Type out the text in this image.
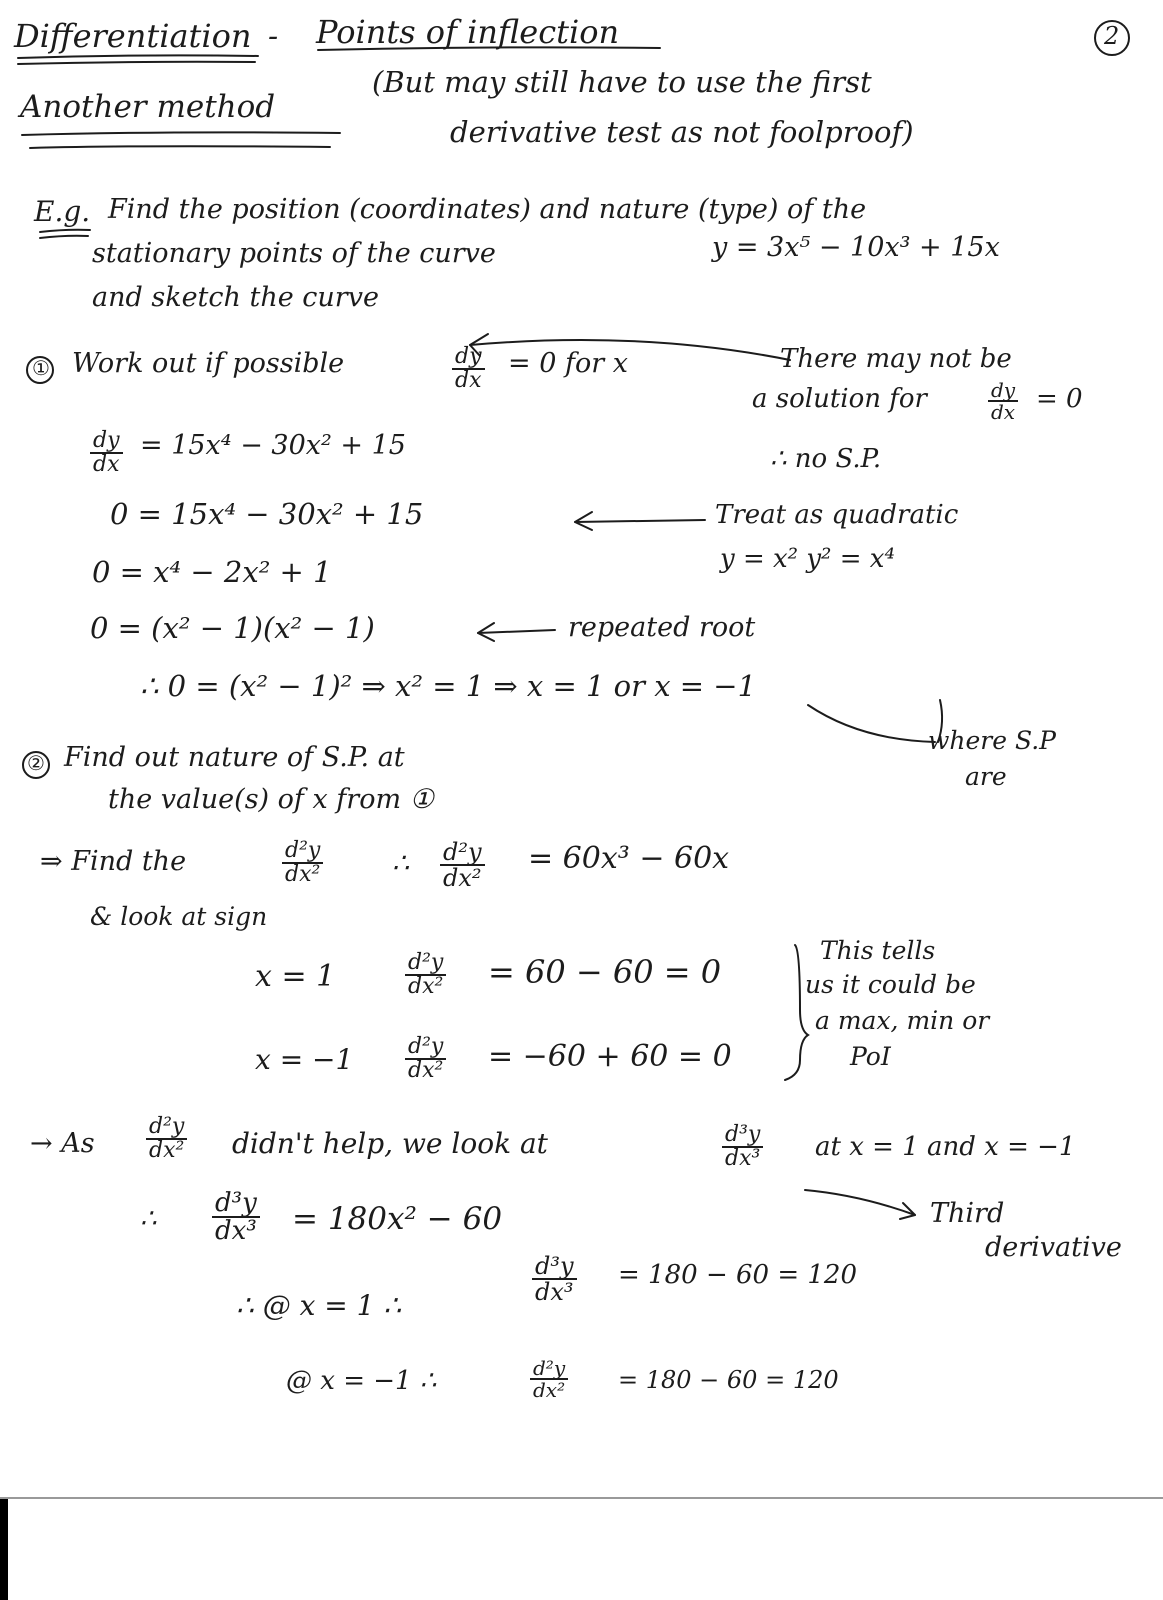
Differentiation - Points of inflection	2
Another method
(But may still have to use the first
derivative test as not foolproof)
E.g. Find the position (coordinates) and nature (type) of the
stationary points of the curve	y = 3x⁵ − 10x³ + 15x
and sketch the curve
① Work out if possible	$\frac{dy}{dx} = 0$ for x	There may not be
a solution for	$\frac{dy}{dx} = 0$
∴ no S.P.
$\frac{dy}{dx} = 15x^4 - 30x^2 + 15$
0 = 15x⁴ − 30x² + 15	Treat as quadratic
y = x² y² = x⁴
0 = x⁴ − 2x² + 1
0 = (x² − 1)(x² − 1)	repeated root
∴ 0 = (x² − 1)² ⇒ x² = 1 ⇒ x = 1 or x = −1
where S.P
are
② Find out nature of S.P. at
the value(s) of x from ①
⇒ Find the	$\frac{\text{d²y}}{\text{dx²}}$	∴ $\frac{\text{d²y}}{\text{dx²}} = 60x^3 - 60x$
& look at sign
x = 1	$\frac{\text{d²y}}{\text{dx²}} = 60 - 60 = 0$
$x = -1 \frac{\text{d²y}}{\text{dx²}} = -60 + 60 = 0$
This tells
us it could be
a max, min or
PoI
→ As $\frac{\text{d²y}}{\text{dx²}}$ didn't help, we look at	$\frac{\text{d³y}}{\text{dx³}}$ at x = 1 and x = −1
∴ $\frac{\text{d³y}}{\text{dx³}} = 180x^2 - 60$	Third
derivative
∴ @ x = 1 ∴
$\frac{\text{d³y}}{\text{dx³}} = 180 - 60 = 120$
@ x = −1 ∴	$\frac{\text{d²y}}{\text{dx²}} = 180 - 60 = 120$
